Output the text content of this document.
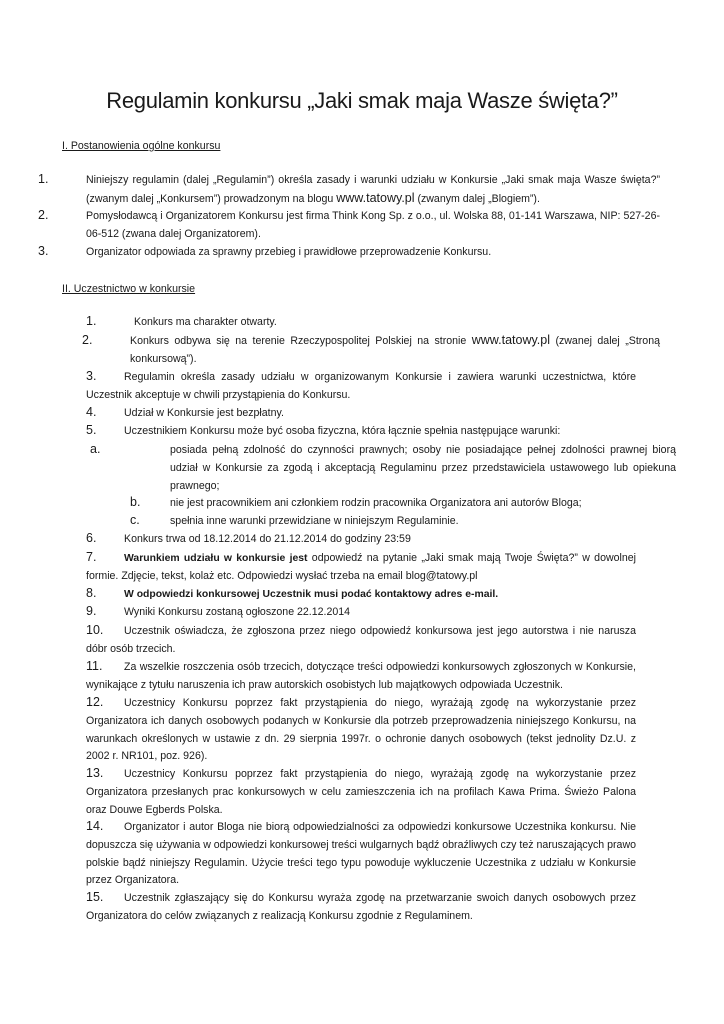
Regulamin konkursu „Jaki smak maja Wasze święta?”
I. Postanowienia ogólne konkursu
1.	Niniejszy regulamin (dalej „Regulamin”) określa zasady i warunki udziału w Konkursie „Jaki smak maja Wasze święta?” (zwanym dalej „Konkursem”) prowadzonym na blogu www.tatowy.pl (zwanym dalej „Blogiem”).
2.	Pomysłodawcą i Organizatorem Konkursu jest firma Think Kong Sp. z o.o., ul. Wolska 88, 01-141 Warszawa, NIP: 527-26-06-512 (zwana dalej Organizatorem).
3.	Organizator odpowiada za sprawny przebieg i prawidłowe przeprowadzenie Konkursu.
II. Uczestnictwo w konkursie
1.	Konkurs ma charakter otwarty.
2.	Konkurs odbywa się na terenie Rzeczypospolitej Polskiej na stronie www.tatowy.pl (zwanej dalej „Stroną konkursową”).
3.	Regulamin określa zasady udziału w organizowanym Konkursie i zawiera warunki uczestnictwa, które Uczestnik akceptuje w chwili przystąpienia do Konkursu.
4.	Udział w Konkursie jest bezpłatny.
5.	Uczestnikiem Konkursu może być osoba fizyczna, która łącznie spełnia następujące warunki:
a.	posiada pełną zdolność do czynności prawnych; osoby nie posiadające pełnej zdolności prawnej biorą udział w Konkursie za zgodą i akceptacją Regulaminu przez przedstawiciela ustawowego lub opiekuna prawnego;
b.	nie jest pracownikiem ani członkiem rodzin pracownika Organizatora ani autorów Bloga;
c.	spełnia inne warunki przewidziane w niniejszym Regulaminie.
6.	Konkurs trwa od 18.12.2014 do 21.12.2014 do godziny 23:59
7.	Warunkiem udziału w konkursie jest odpowiedź na pytanie „Jaki smak mają Twoje Święta?” w dowolnej formie. Zdjęcie, tekst, kolaż etc. Odpowiedzi wysłać trzeba na email blog@tatowy.pl
8.	W odpowiedzi konkursowej Uczestnik musi podać kontaktowy adres e-mail.
9.	Wyniki Konkursu zostaną ogłoszone 22.12.2014
10. Uczestnik oświadcza, że zgłoszona przez niego odpowiedź konkursowa jest jego autorstwa i nie narusza dóbr osób trzecich.
11. Za wszelkie roszczenia osób trzecich, dotyczące treści odpowiedzi konkursowych zgłoszonych w Konkursie, wynikające z tytułu naruszenia ich praw autorskich osobistych lub majątkowych odpowiada Uczestnik.
12. Uczestnicy Konkursu poprzez fakt przystąpienia do niego, wyrażają zgodę na wykorzystanie przez Organizatora ich danych osobowych podanych w Konkursie dla potrzeb przeprowadzenia niniejszego Konkursu, na warunkach określonych w ustawie z dn. 29 sierpnia 1997r. o ochronie danych osobowych (tekst jednolity Dz.U. z 2002 r. NR101, poz. 926).
13. Uczestnicy Konkursu poprzez fakt przystąpienia do niego, wyrażają zgodę na wykorzystanie przez Organizatora przesłanych prac konkursowych w celu zamieszczenia ich na profilach Kawa Prima. Świeżo Palona oraz Douwe Egberds Polska.
14. Organizator i autor Bloga nie biorą odpowiedzialności za odpowiedzi konkursowe Uczestnika konkursu. Nie dopuszcza się używania w odpowiedzi konkursowej treści wulgarnych bądź obraźliwych czy też naruszających prawo polskie bądź niniejszy Regulamin. Użycie treści tego typu powoduje wykluczenie Uczestnika z udziału w Konkursie przez Organizatora.
15. Uczestnik zgłaszający się do Konkursu wyraża zgodę na przetwarzanie swoich danych osobowych przez Organizatora do celów związanych z realizacją Konkursu zgodnie z Regulaminem.
